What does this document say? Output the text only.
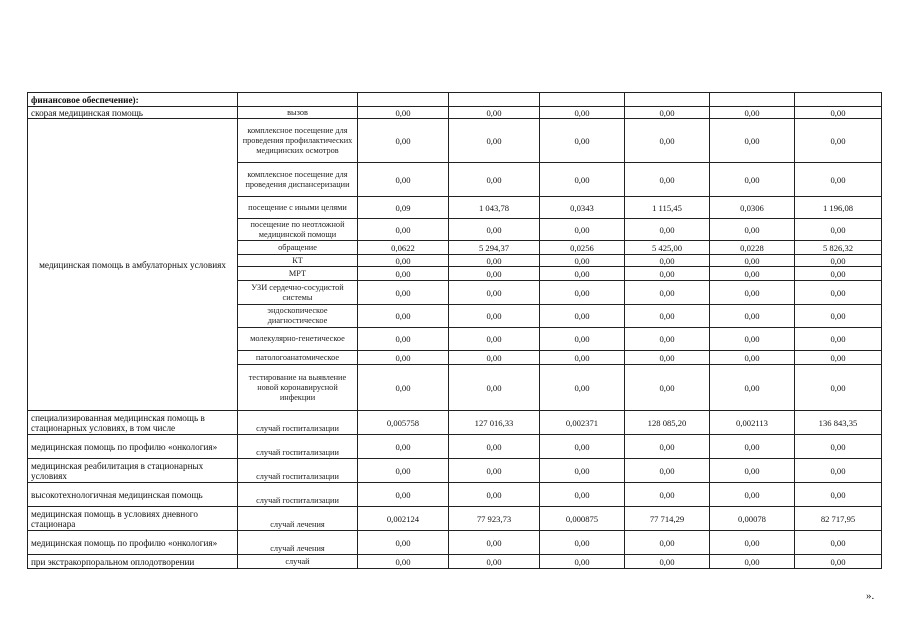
финансовое обеспечение):							
скорая медицинская помощь	вызов	0,00	0,00	0,00	0,00	0,00	0,00
медицинская помощь в амбулаторных условиях	комплексное посещение для проведения профилактических медицинских осмотров	0,00	0,00	0,00	0,00	0,00	0,00
	комплексное посещение для проведения диспансеризации	0,00	0,00	0,00	0,00	0,00	0,00
	посещение с иными целями	0,09	1 043,78	0,0343	1 115,45	0,0306	1 196,08
	посещение по неотложной медицинской помощи	0,00	0,00	0,00	0,00	0,00	0,00
	обращение	0,0622	5 294,37	0,0256	5 425,00	0,0228	5 826,32
	КТ	0,00	0,00	0,00	0,00	0,00	0,00
	МРТ	0,00	0,00	0,00	0,00	0,00	0,00
	УЗИ сердечно-сосудистой системы	0,00	0,00	0,00	0,00	0,00	0,00
	эндоскопическое диагностическое	0,00	0,00	0,00	0,00	0,00	0,00
	молекулярно-генетическое	0,00	0,00	0,00	0,00	0,00	0,00
	патологоанатомическое	0,00	0,00	0,00	0,00	0,00	0,00
	тестирование на выявление новой коронавирусной инфекции	0,00	0,00	0,00	0,00	0,00	0,00
специализированная медицинская помощь в стационарных условиях, в том числе	случай госпитализации	0,005758	127 016,33	0,002371	128 085,20	0,002113	136 843,35
медицинская помощь по профилю «онкология»	случай госпитализации	0,00	0,00	0,00	0,00	0,00	0,00
медицинская реабилитация в стационарных условиях	случай госпитализации	0,00	0,00	0,00	0,00	0,00	0,00
высокотехнологичная медицинская помощь	случай госпитализации	0,00	0,00	0,00	0,00	0,00	0,00
медицинская помощь в условиях дневного стационара	случай лечения	0,002124	77 923,73	0,000875	77 714,29	0,00078	82 717,95
медицинская помощь по профилю «онкология»	случай лечения	0,00	0,00	0,00	0,00	0,00	0,00
при экстракорпоральном оплодотворении	случай	0,00	0,00	0,00	0,00	0,00	0,00
».
